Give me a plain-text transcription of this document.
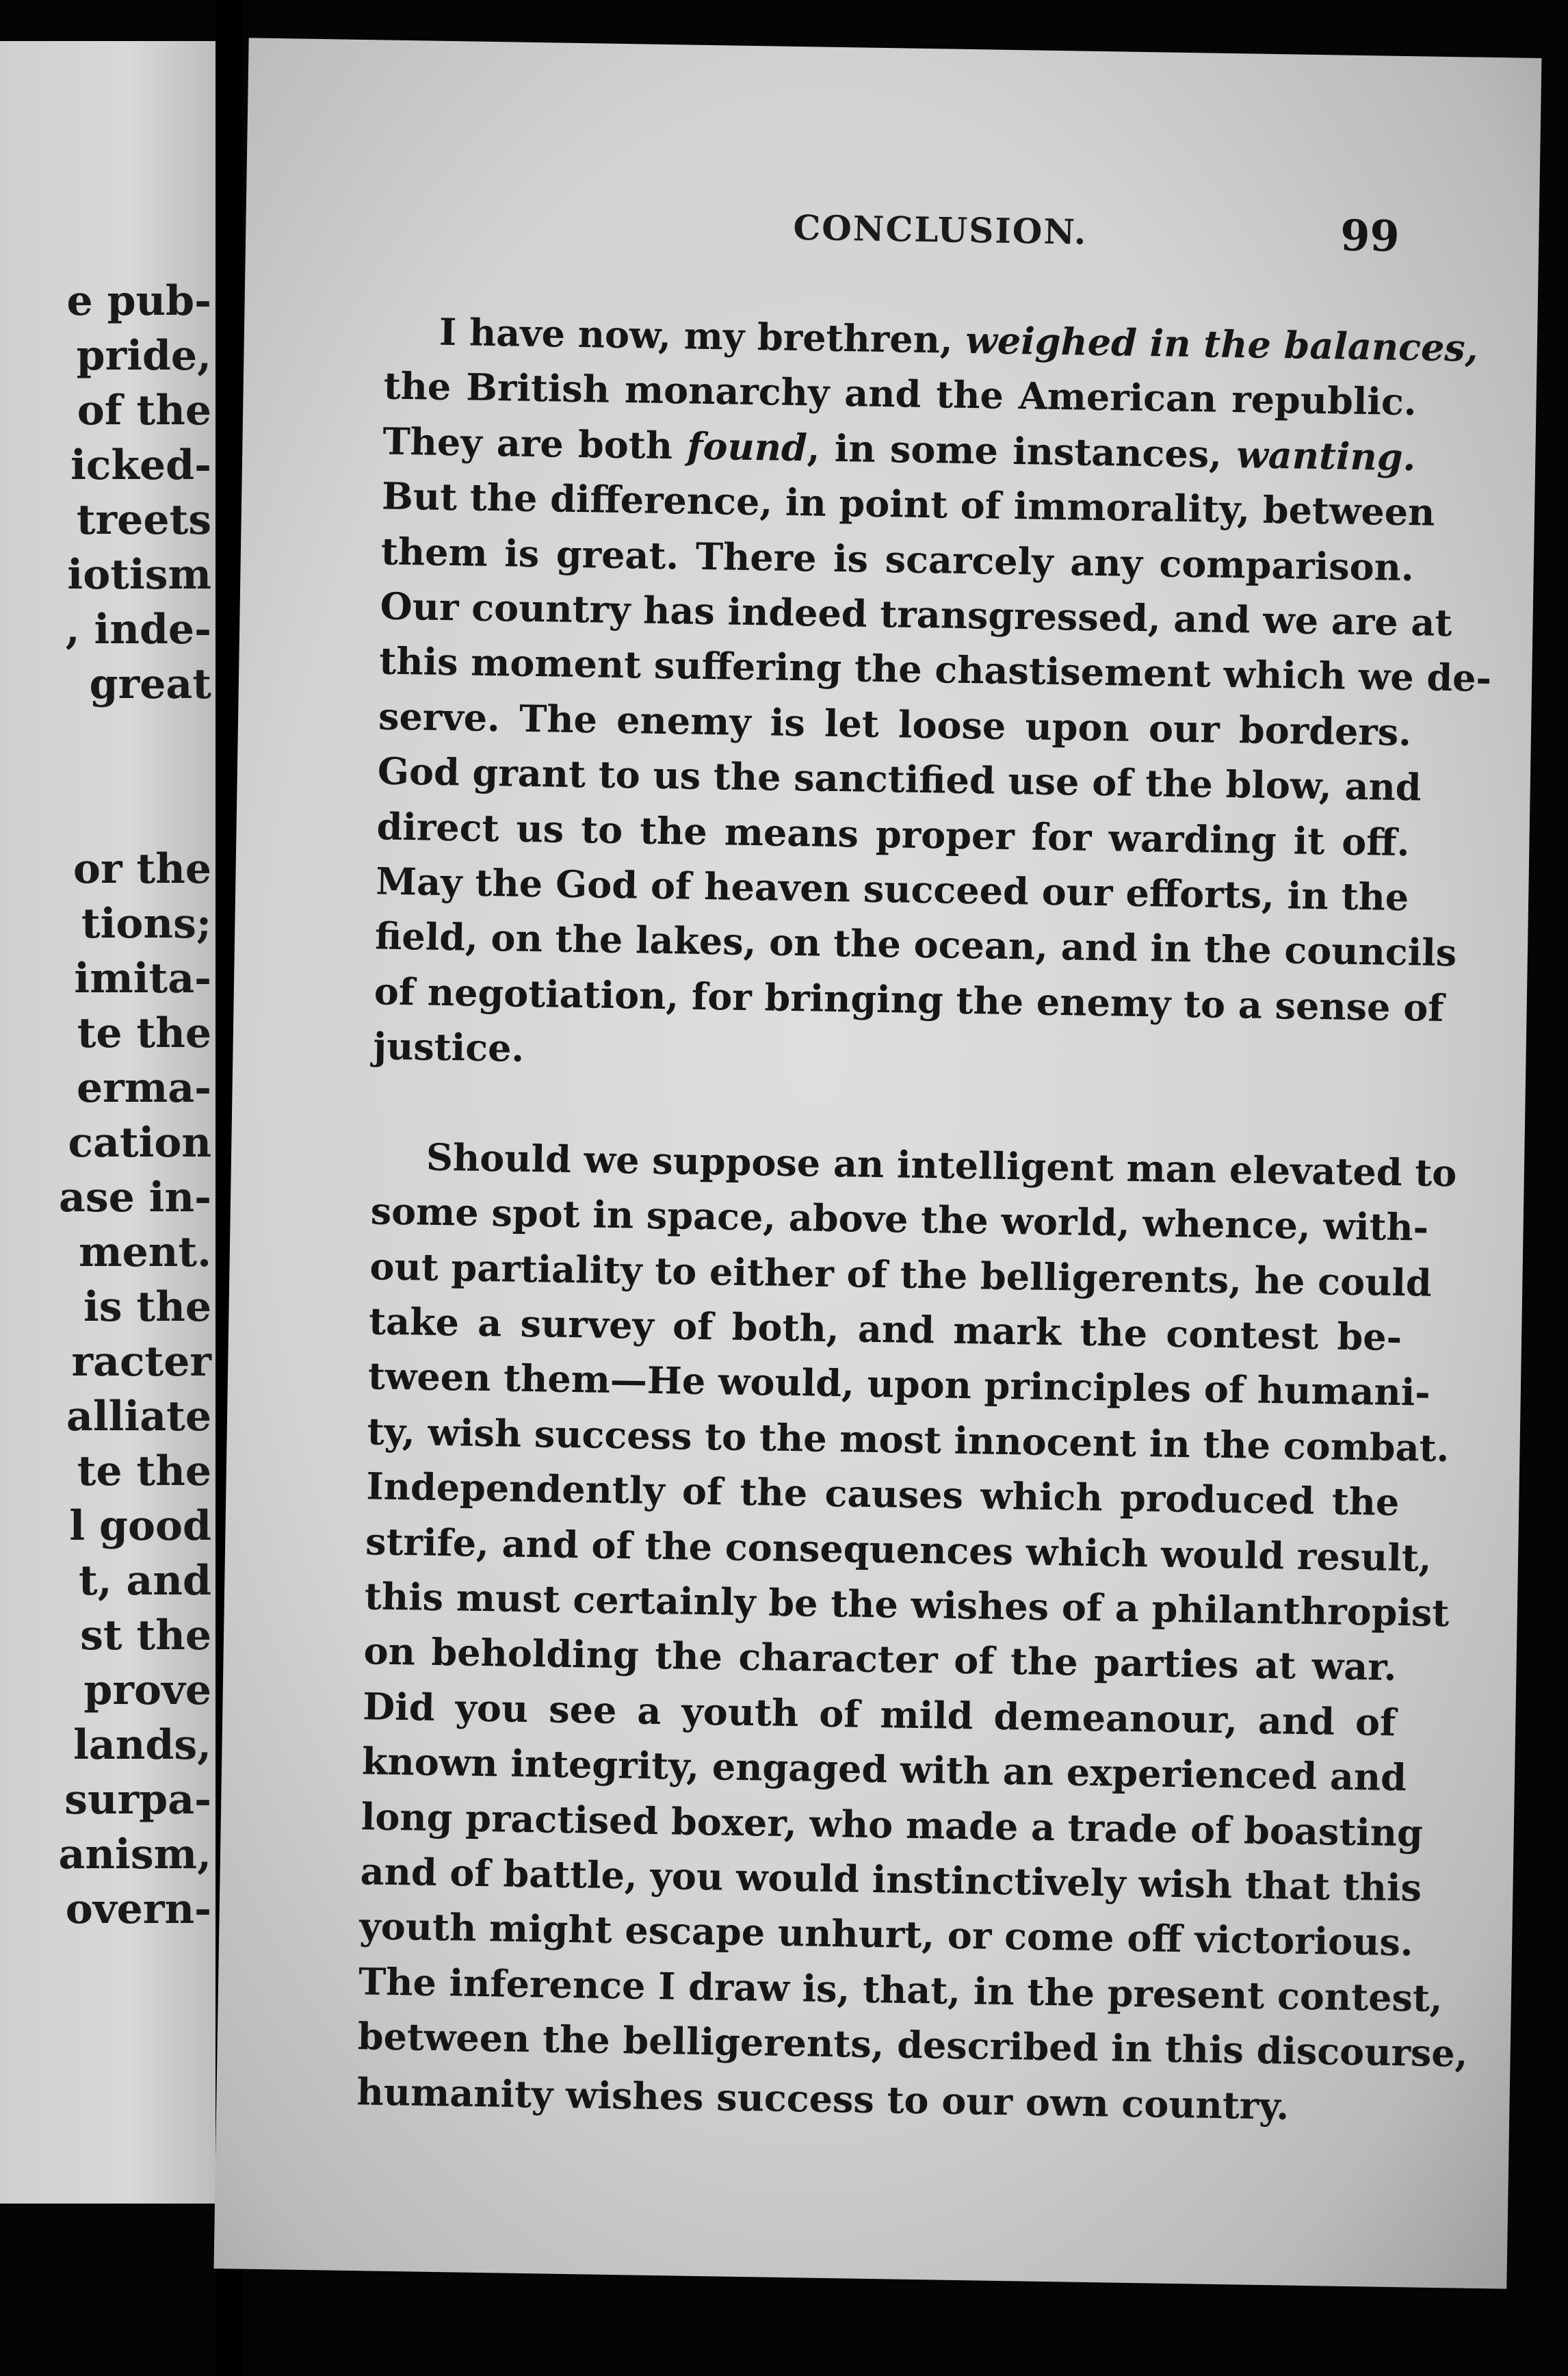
e pub-
pride,
of the
icked-
treets
iotism
, inde-
great
or the
tions;
imita-
te the
erma-
cation
ase in-
ment.
is the
racter
alliate
te the
l good
t, and
st the
prove
lands,
surpa-
anism,
overn-
CONCLUSION.	99

I have now, my brethren, weighed in the balances,

the British monarchy and the American republic.

They are both found, in some instances, wanting.

But the difference, in point of immorality, between

them is great. There is scarcely any comparison.

Our country has indeed transgressed, and we are at

this moment suffering the chastisement which we de-

serve. The enemy is let loose upon our borders.

God grant to us the sanctified use of the blow, and

direct us to the means proper for warding it off.

May the God of heaven succeed our efforts, in the

field, on the lakes, on the ocean, and in the councils

of negotiation, for bringing the enemy to a sense of

justice.

Should we suppose an intelligent man elevated to

some spot in space, above the world, whence, with-

out partiality to either of the belligerents, he could

take a survey of both, and mark the contest be-

tween them—He would, upon principles of humani-

ty, wish success to the most innocent in the combat.

Independently of the causes which produced the

strife, and of the consequences which would result,

this must certainly be the wishes of a philanthropist

on beholding the character of the parties at war.

Did you see a youth of mild demeanour, and of

known integrity, engaged with an experienced and

long practised boxer, who made a trade of boasting

and of battle, you would instinctively wish that this

youth might escape unhurt, or come off victorious.

The inference I draw is, that, in the present contest,

between the belligerents, described in this discourse,

humanity wishes success to our own country.
